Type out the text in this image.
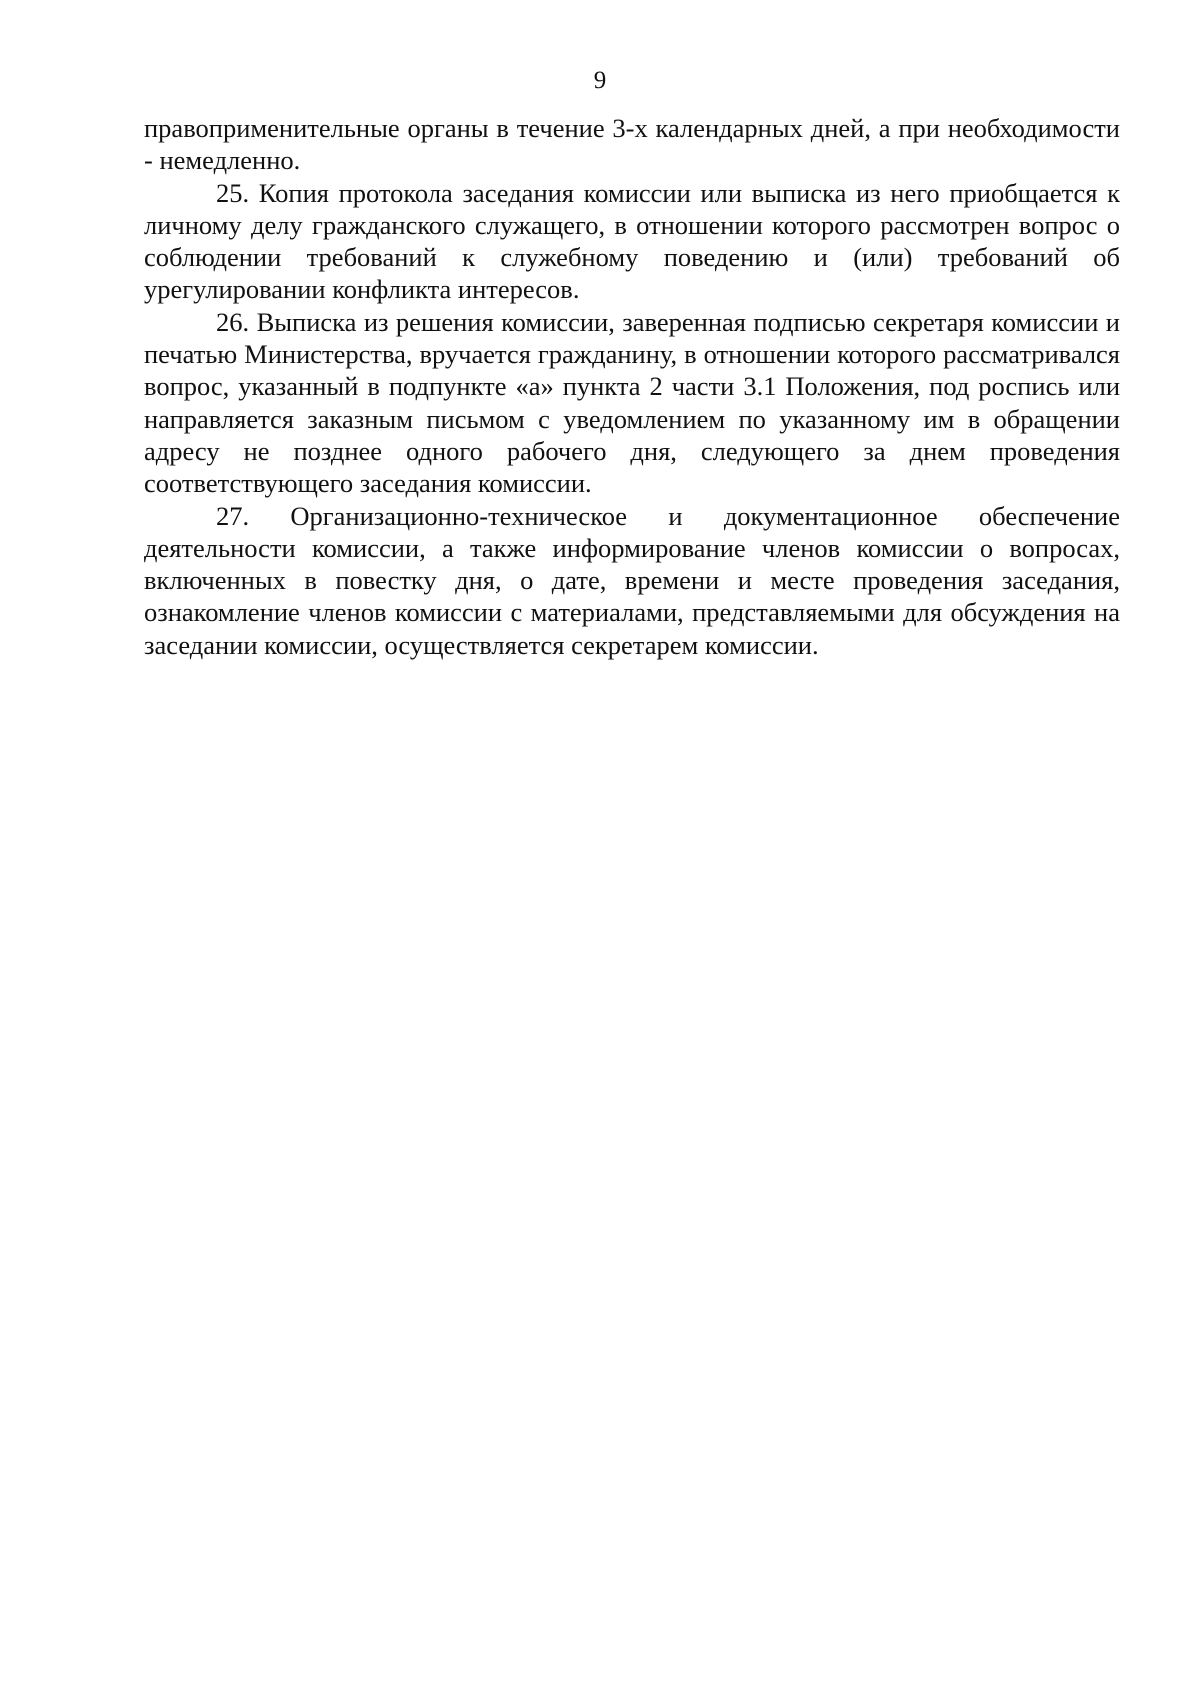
9

правоприменительные органы в течение 3-х календарных дней, а при необходимости - немедленно.

25. Копия протокола заседания комиссии или выписка из него приобщается к личному делу гражданского служащего, в отношении которого рассмотрен вопрос о соблюдении требований к служебному поведению и (или) требований об урегулировании конфликта интересов.

26. Выписка из решения комиссии, заверенная подписью секретаря комиссии и печатью Министерства, вручается гражданину, в отношении которого рассматривался вопрос, указанный в подпункте «а» пункта 2 части 3.1 Положения, под роспись или направляется заказным письмом с уведомлением по указанному им в обращении адресу не позднее одного рабочего дня, следующего за днем проведения соответствующего заседания комиссии.

27. Организационно-техническое и документационное обеспечение деятельности комиссии, а также информирование членов комиссии о вопросах, включенных в повестку дня, о дате, времени и месте проведения заседания, ознакомление членов комиссии с материалами, представляемыми для обсуждения на заседании комиссии, осуществляется секретарем комиссии.
